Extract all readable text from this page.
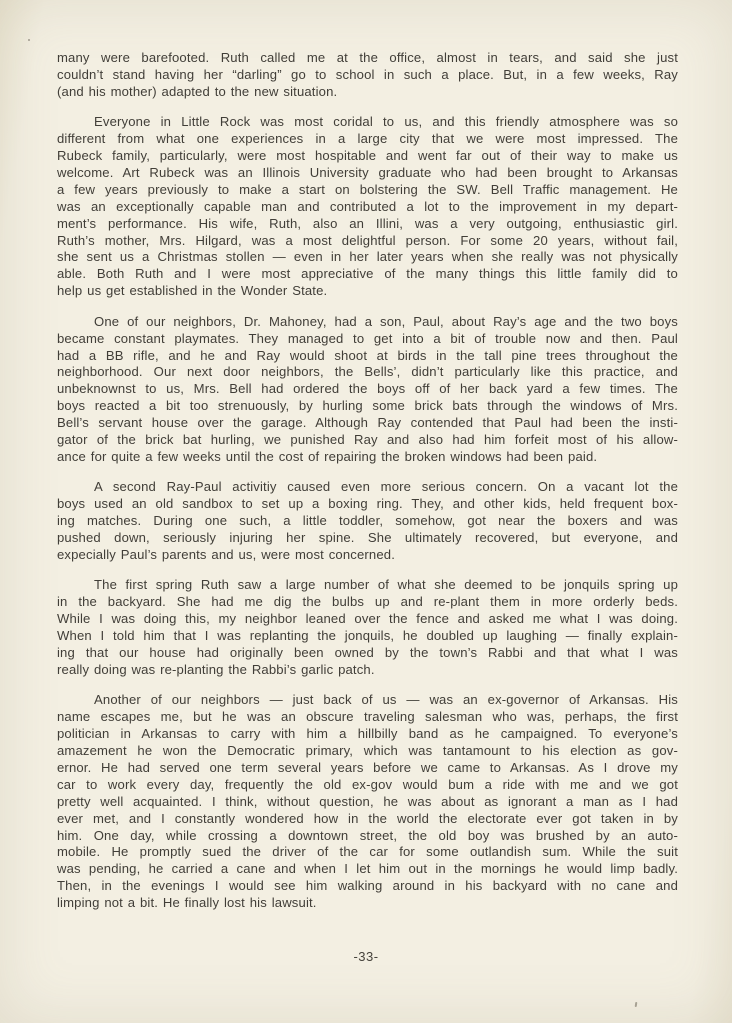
many were barefooted. Ruth called me at the office, almost in tears, and said she just
couldn’t stand having her “darling” go to school in such a place. But, in a few weeks, Ray
(and his mother) adapted to the new situation.

Everyone in Little Rock was most coridal to us, and this friendly atmosphere was so
different from what one experiences in a large city that we were most impressed. The
Rubeck family, particularly, were most hospitable and went far out of their way to make us
welcome. Art Rubeck was an Illinois University graduate who had been brought to Arkansas
a few years previously to make a start on bolstering the SW. Bell Traffic management. He
was an exceptionally capable man and contributed a lot to the improvement in my depart-
ment’s performance. His wife, Ruth, also an Illini, was a very outgoing, enthusiastic girl.
Ruth’s mother, Mrs. Hilgard, was a most delightful person. For some 20 years, without fail,
she sent us a Christmas stollen — even in her later years when she really was not physically
able. Both Ruth and I were most appreciative of the many things this little family did to
help us get established in the Wonder State.

One of our neighbors, Dr. Mahoney, had a son, Paul, about Ray’s age and the two boys
became constant playmates. They managed to get into a bit of trouble now and then. Paul
had a BB rifle, and he and Ray would shoot at birds in the tall pine trees throughout the
neighborhood. Our next door neighbors, the Bells’, didn’t particularly like this practice, and
unbeknownst to us, Mrs. Bell had ordered the boys off of her back yard a few times. The
boys reacted a bit too strenuously, by hurling some brick bats through the windows of Mrs.
Bell’s servant house over the garage. Although Ray contended that Paul had been the insti-
gator of the brick bat hurling, we punished Ray and also had him forfeit most of his allow-
ance for quite a few weeks until the cost of repairing the broken windows had been paid.

A second Ray-Paul activitiy caused even more serious concern. On a vacant lot the
boys used an old sandbox to set up a boxing ring. They, and other kids, held frequent box-
ing matches. During one such, a little toddler, somehow, got near the boxers and was
pushed down, seriously injuring her spine. She ultimately recovered, but everyone, and
expecially Paul’s parents and us, were most concerned.

The first spring Ruth saw a large number of what she deemed to be jonquils spring up
in the backyard. She had me dig the bulbs up and re-plant them in more orderly beds.
While I was doing this, my neighbor leaned over the fence and asked me what I was doing.
When I told him that I was replanting the jonquils, he doubled up laughing — finally explain-
ing that our house had originally been owned by the town’s Rabbi and that what I was
really doing was re-planting the Rabbi’s garlic patch.

Another of our neighbors — just back of us — was an ex-governor of Arkansas. His
name escapes me, but he was an obscure traveling salesman who was, perhaps, the first
politician in Arkansas to carry with him a hillbilly band as he campaigned. To everyone’s
amazement he won the Democratic primary, which was tantamount to his election as gov-
ernor. He had served one term several years before we came to Arkansas. As I drove my
car to work every day, frequently the old ex-gov would bum a ride with me and we got
pretty well acquainted. I think, without question, he was about as ignorant a man as I had
ever met, and I constantly wondered how in the world the electorate ever got taken in by
him. One day, while crossing a downtown street, the old boy was brushed by an auto-
mobile. He promptly sued the driver of the car for some outlandish sum. While the suit
was pending, he carried a cane and when I let him out in the mornings he would limp badly.
Then, in the evenings I would see him walking around in his backyard with no cane and
limping not a bit. He finally lost his lawsuit.

-33-
